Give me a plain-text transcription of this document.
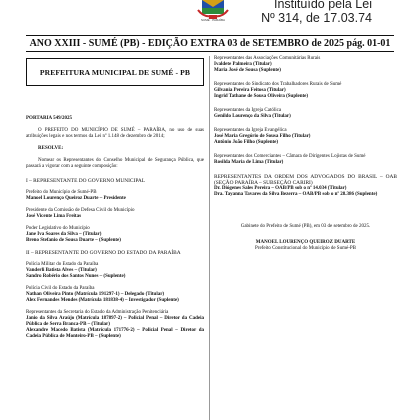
SUMÉ · PARAÍBA
Instituído pela Lei
Nº 314, de 17.03.74
ANO XXIII - SUMÉ (PB) - EDIÇÃO EXTRA 03 de SETEMBRO de 2025 pág. 01-01
PREFEITURA MUNICIPAL DE SUMÉ - PB

PORTARIA 549/2025

O PREFEITO DO MUNICÍPIO DE SUMÉ – PARAÍBA, no uso de suas atribuições legais e nos termos da Lei nº 1.148 de dezembro de 2014;

RESOLVE:

Nomear os Representantes do Conselho Municipal de Segurança Pública, que passará a vigorar com a seguinte composição:

I – REPRESENTANTE DO GOVERNO MUNICIPAL

Prefeito do Município de Sumé-PB

Manoel Lourenço Queiroz Duarte – Presidente

Presidente da Comissão de Defesa Civil do Município

José Vicente Lima Freitas

Poder Legislativo do Município

Jane Iva Soares da Silva – (Titular)

Breno Stefanio de Sousa Duarte – (Suplente)

II – REPRESENTANTE DO GOVERNO DO ESTADO DA PARAÍBA

Polícia Militar do Estado da Paraíba

Vanderli Batista Alves – (Titular)

Sandro Robério dos Santos Nunes – (Suplente)

Polícia Civil do Estado da Paraíba

Nathan Oliveira Pinto (Matrícula 191297-1) – Delegado (Titular)

Alex Fernandes Mendes (Matrícula 181838-4) – Investigador (Suplente)

Representantes da Secretaria do Estado da Administração Penitenciária

Janio da Silva Araújo (Matrícula 187897-2) – Policial Penal – Diretor da Cadeia Pública de Serra Branca-PB – (Titular)

Alexandre Macedo Batista (Matrícula 171776-2) – Policial Penal – Diretor da Cadeia Pública de Monteiro-PB – (Suplente)

Representantes das Associações Comunitárias Rurais

Ivaldete Palmeira (Titular)

Maria José de Sousa (Suplente)

Representantes do Sindicato dos Trabalhadores Rurais de Sumé

Gilvania Pereira Feitosa (Titular)

Ingrid Tathane de Sousa Oliveira (Suplente)

Representantes da Igreja Católica

Genildo Lourenço da Silva (Titular)

Representantes da Igreja Evangélica

José Maria Gregório de Sousa Filho (Titular)

Antônio João Filho (Suplente)

Representantes dos Comerciantes – Câmara de Dirigentes Lojistas de Sumé

Rosilda Maria de Lima (Titular)

REPRESENTANTES DA ORDEM DOS ADVOGADOS DO BRASIL – OAB (SEÇÃO PARAÍBA – SUBSEÇÃO CARIRI)

Dr. Diógenes Sales Pereira – OAB/PB sob o nº 14.034 (Titular)

Dra. Tayanna Tavares da Silva Bezerra – OAB/PB sob o nº 28.386 (Suplente)

Gabinete do Prefeito de Sumé (PB), em 03 de setembro de 2025.

MANOEL LOURENÇO QUEIROZ DUARTE

Prefeito Constitucional do Município de Sumé-PB
